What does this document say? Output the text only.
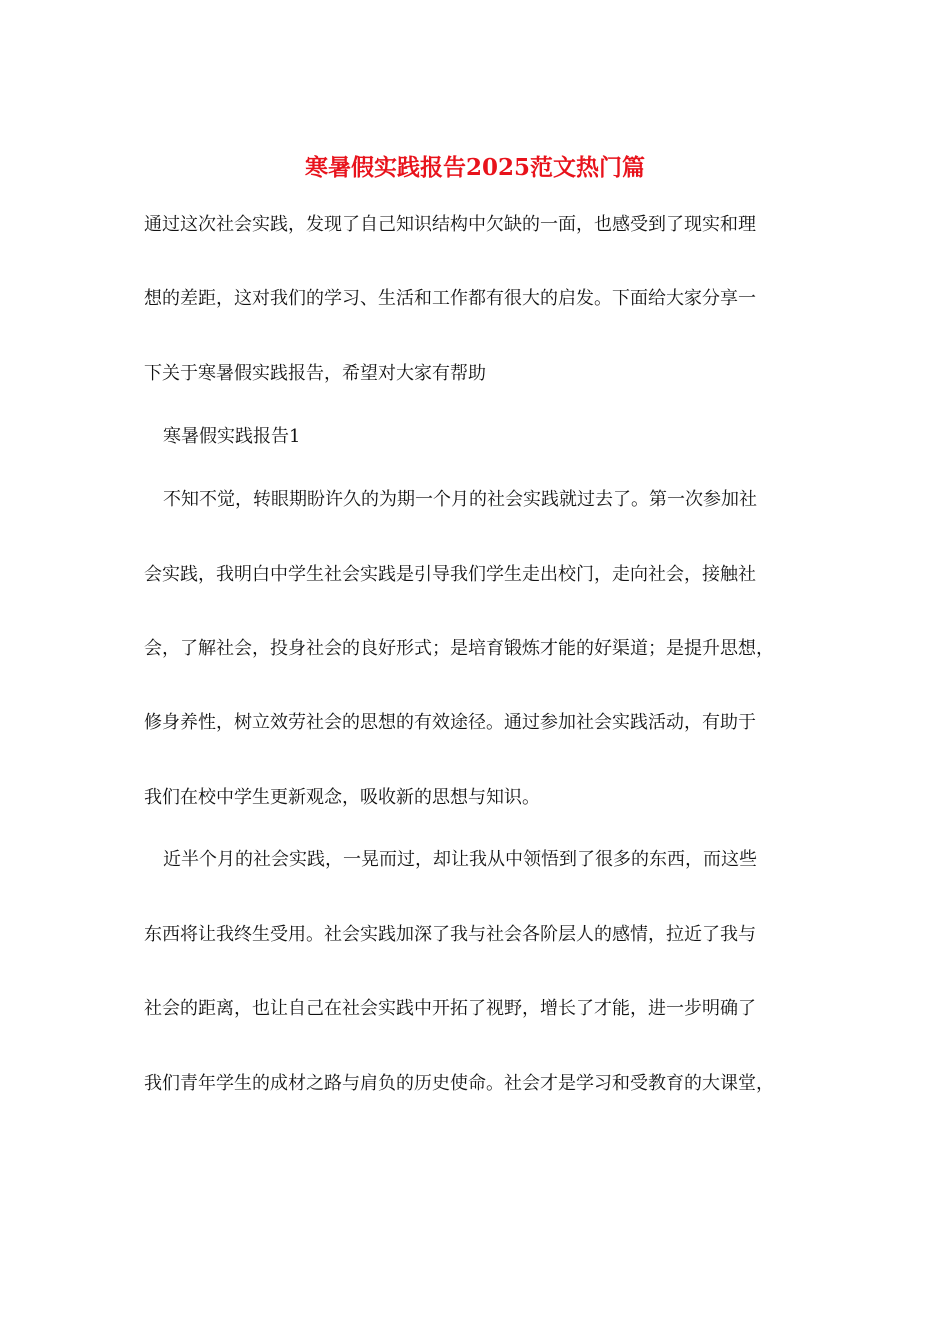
寒暑假实践报告2025范文热门篇

通过这次社会实践，发现了自己知识结构中欠缺的一面，也感受到了现实和理

想的差距，这对我们的学习、生活和工作都有很大的启发。下面给大家分享一

下关于寒暑假实践报告，希望对大家有帮助

寒暑假实践报告1

不知不觉，转眼期盼许久的为期一个月的社会实践就过去了。第一次参加社

会实践，我明白中学生社会实践是引导我们学生走出校门，走向社会，接触社

会，了解社会，投身社会的良好形式；是培育锻炼才能的好渠道；是提升思想，

修身养性，树立效劳社会的思想的有效途径。通过参加社会实践活动，有助于

我们在校中学生更新观念，吸收新的思想与知识。

近半个月的社会实践，一晃而过，却让我从中领悟到了很多的东西，而这些

东西将让我终生受用。社会实践加深了我与社会各阶层人的感情，拉近了我与

社会的距离，也让自己在社会实践中开拓了视野，增长了才能，进一步明确了

我们青年学生的成材之路与肩负的历史使命。社会才是学习和受教育的大课堂，
